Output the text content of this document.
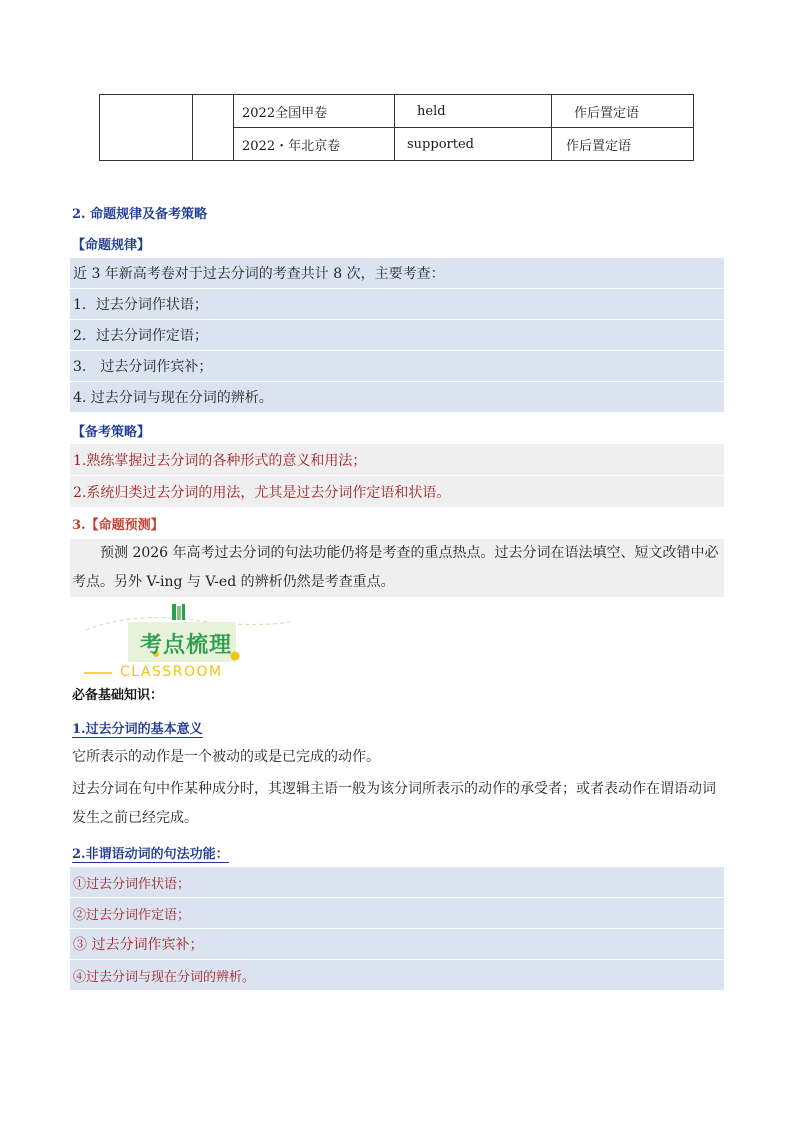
		2022全国甲卷	held	作后置定语
		2022・年北京卷	supported	作后置定语
2. 命题规律及备考策略
【命题规律】
近 3 年新高考卷对于过去分词的考查共计 8 次，主要考查：
1．过去分词作状语；
2．过去分词作定语；
3.　过去分词作宾补；
4. 过去分词与现在分词的辨析。
【备考策略】
1.熟练掌握过去分词的各种形式的意义和用法；
2.系统归类过去分词的用法，尤其是过去分词作定语和状语。
3.【命题预测】
预测 2026 年高考过去分词的句法功能仍将是考查的重点热点。过去分词在语法填空、短文改错中必考点。另外 V-ing 与 V-ed 的辨析仍然是考查重点。
考点梳理
CLASSROOM
必备基础知识：
1.过去分词的基本意义
它所表示的动作是一个被动的或是已完成的动作。
过去分词在句中作某种成分时，其逻辑主语一般为该分词所表示的动作的承受者；或者表动作在谓语动词发生之前已经完成。
2.非谓语动词的句法功能：
①过去分词作状语；
②过去分词作定语；
③ 过去分词作宾补；
④过去分词与现在分词的辨析。
